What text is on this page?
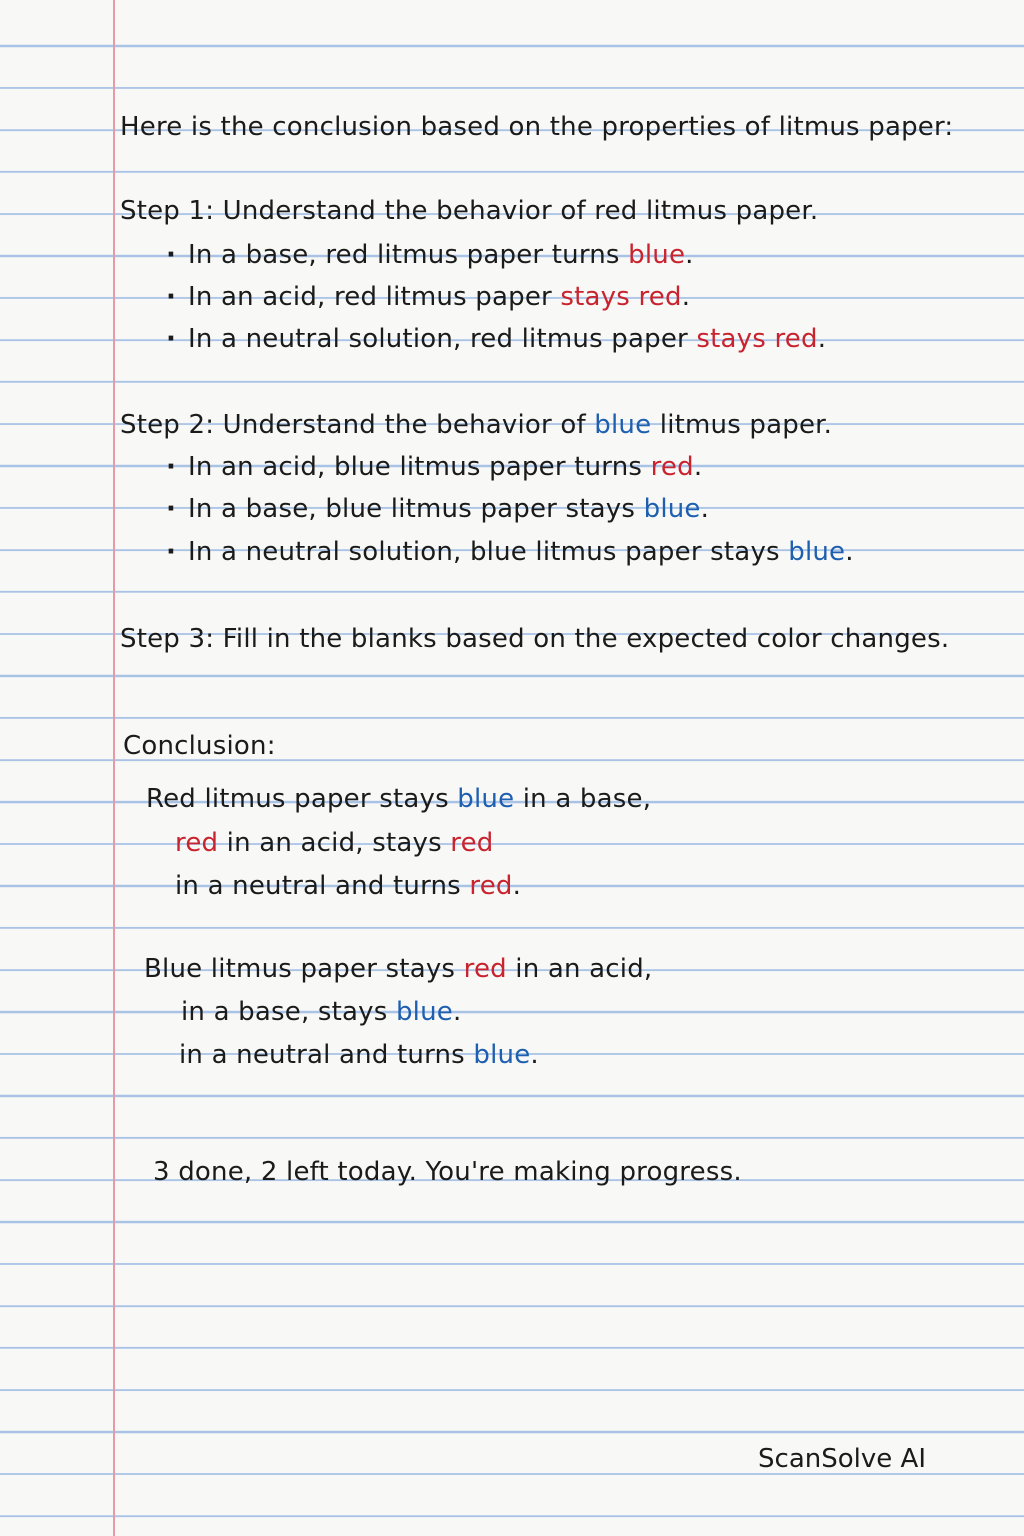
Here is the conclusion based on the properties of litmus paper:
Step 1: Understand the behavior of red litmus paper.
· In a base, red litmus paper turns blue.
· In an acid, red litmus paper stays red.
· In a neutral solution, red litmus paper stays red.
Step 2: Understand the behavior of blue litmus paper.
· In an acid, blue litmus paper turns red.
· In a base, blue litmus paper stays blue.
· In a neutral solution, blue litmus paper stays blue.
Step 3: Fill in the blanks based on the expected color changes.
Conclusion:
Red litmus paper stays blue in a base,
red in an acid, stays red
in a neutral and turns red.
Blue litmus paper stays red in an acid,
in a base, stays blue.
in a neutral and turns blue.
3 done, 2 left today. You're making progress.
ScanSolve AI
